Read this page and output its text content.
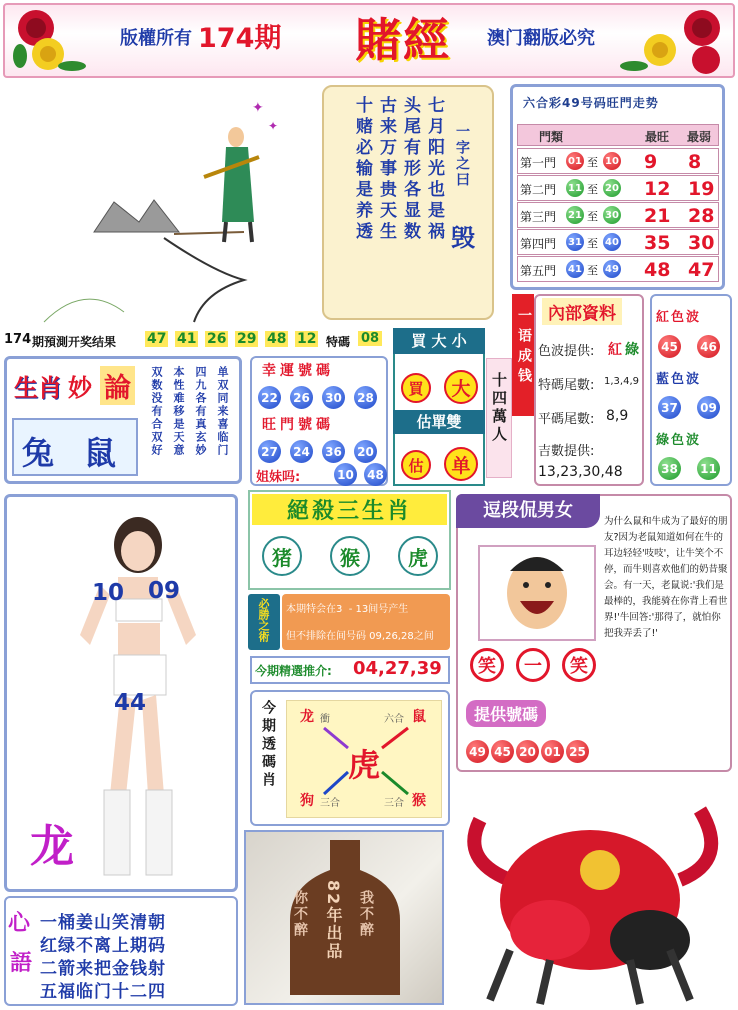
版權所有 174期 賭經 澳门翻版必究
✦
✦	十赌必输是养透 古来万事贵天生 头尾有形各显数 七月阳光也是祸 一字之曰
毁
六合彩49号码旺門走势
門類	最旺 最弱
第一門 01 至 10 9 8
第二門 11 至 20 12 19
第三門 21 至 30 21 28
第四門 31 至 40 35 30
第五門 41 至 49 48 47
一语成钱
十四萬人
174 期預測开奖结果 47 41 26 29 48 12 特碼 08
生肖 妙 論	双数没有合双好 本性难移是天意 四九各有真玄妙 单双同来喜临门
兔 鼠
幸運號碼
22 26 30 28
旺門號碼
27 24 36 20
姐妹吗:	10 48
買 大 小
買	大
估單雙
估	单
內部資料
色波提供: 紅 綠
特碼尾數: 1,3,4,9
平碼尾數: 8,9
吉數提供:
13,23,30,48
紅色波
45 46
藍色波
37 09
綠色波
38 11
10 09
44
龙
絕殺三生肖
猪	猴	虎
必勝之術 本期特会在3  - 13间号产生
但不排除在间号码 09,26,28之间
今期精選推介: 04,27,39
今期透碼肖 龙 衝	六合 鼠
虎
狗 三合	三合 猴
你不醉 82年出品 我不醉
逗段侃男女
笑	一	笑
为什么鼠和牛成为了最好的朋友?因为老鼠知道如何在牛的耳边轻轻'吱吱'，让牛笑个不停，而牛则喜欢他们的奶昔聚会。有一天，老鼠说:'我们是最棒的，我能骑在你背上看世界!'牛回答:'那得了，就怕你把我弄丢了!'
提供號碼
49 45 20 01 25
心
語
一桶姜山笑清朝
红绿不离上期码
二箭来把金钱射
五福临门十二四
